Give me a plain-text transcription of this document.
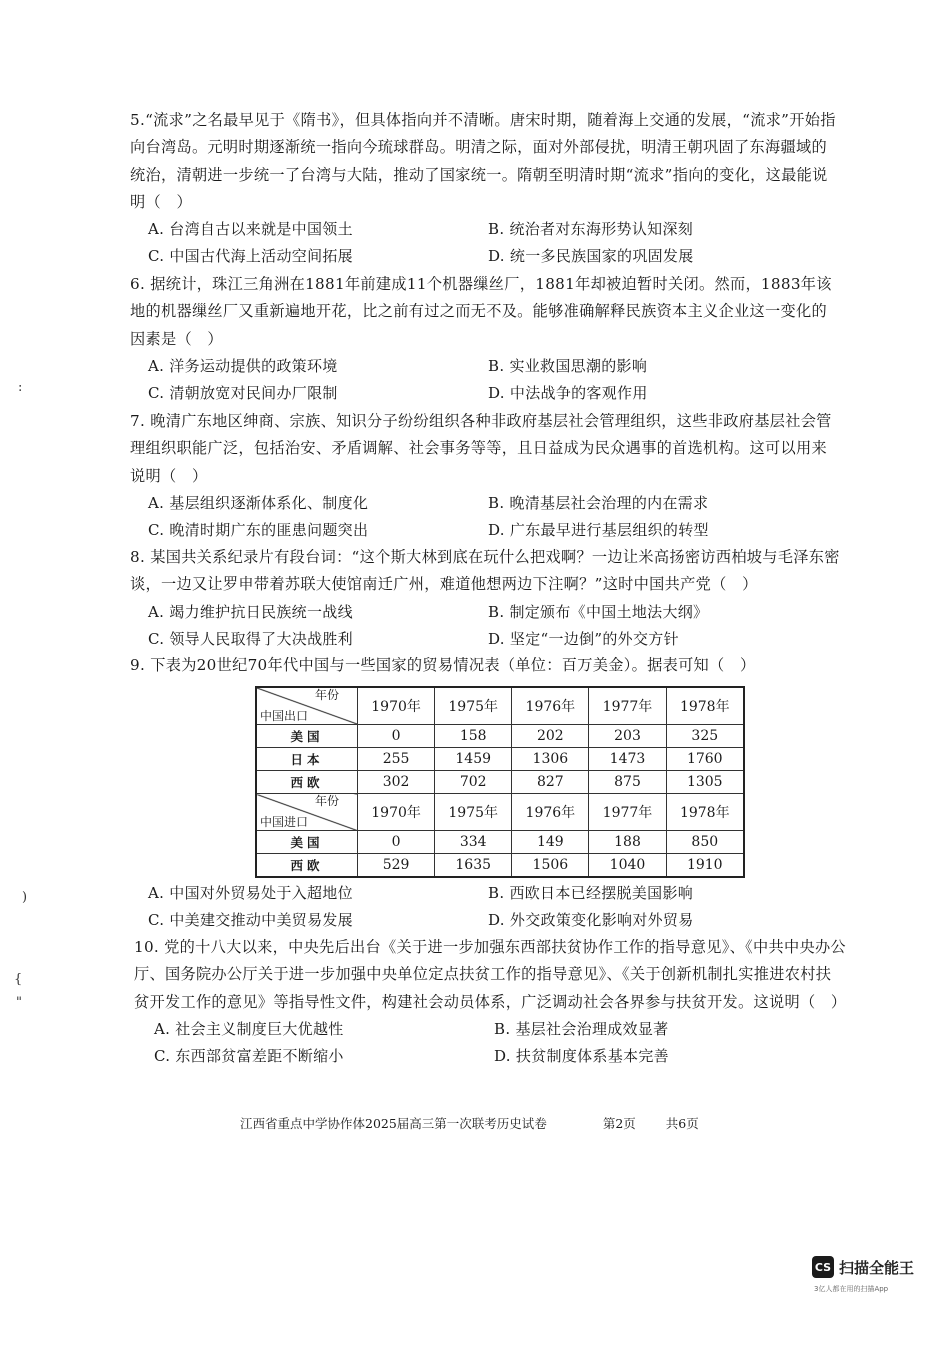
5.“流求”之名最早见于《隋书》，但具体指向并不清晰。唐宋时期，随着海上交通的发展，“流求”开始指向台湾岛。元明时期逐渐统一指向今琉球群岛。明清之际，面对外部侵扰，明清王朝巩固了东海疆域的统治，清朝进一步统一了台湾与大陆，推动了国家统一。隋朝至明清时期“流求”指向的变化，这最能说明（　）
A. 台湾自古以来就是中国领土	B. 统治者对东海形势认知深刻
C. 中国古代海上活动空间拓展	D. 统一多民族国家的巩固发展
6. 据统计，珠江三角洲在1881年前建成11个机器缫丝厂，1881年却被迫暂时关闭。然而，1883年该地的机器缫丝厂又重新遍地开花，比之前有过之而无不及。能够准确解释民族资本主义企业这一变化的因素是（　）
A. 洋务运动提供的政策环境	B. 实业救国思潮的影响
C. 清朝放宽对民间办厂限制	D. 中法战争的客观作用
7. 晚清广东地区绅商、宗族、知识分子纷纷组织各种非政府基层社会管理组织，这些非政府基层社会管理组织职能广泛，包括治安、矛盾调解、社会事务等等，且日益成为民众遇事的首选机构。这可以用来说明（　）
A. 基层组织逐渐体系化、制度化	B. 晚清基层社会治理的内在需求
C. 晚清时期广东的匪患问题突出	D. 广东最早进行基层组织的转型
8. 某国共关系纪录片有段台词：“这个斯大林到底在玩什么把戏啊？一边让米高扬密访西柏坡与毛泽东密谈，一边又让罗申带着苏联大使馆南迁广州，难道他想两边下注啊？”这时中国共产党（　）
A. 竭力维护抗日民族统一战线	B. 制定颁布《中国土地法大纲》
C. 领导人民取得了大决战胜利	D. 坚定“一边倒”的外交方针
9. 下表为20世纪70年代中国与一些国家的贸易情况表（单位：百万美金）。据表可知（　）
年份
中国出口	1970年	1975年	1976年	1977年	1978年
美国	0	158	202	203	325
日本	255	1459	1306	1473	1760
西欧	302	702	827	875	1305

年份
中国进口	1970年	1975年	1976年	1977年	1978年
美国	0	334	149	188	850
西欧	529	1635	1506	1040	1910
A. 中国对外贸易处于入超地位	B. 西欧日本已经摆脱美国影响
C. 中美建交推动中美贸易发展	D. 外交政策变化影响对外贸易
10. 党的十八大以来，中央先后出台《关于进一步加强东西部扶贫协作工作的指导意见》、《中共中央办公厅、国务院办公厅关于进一步加强中央单位定点扶贫工作的指导意见》、《关于创新机制扎实推进农村扶贫开发工作的意见》等指导性文件，构建社会动员体系，广泛调动社会各界参与扶贫开发。这说明（　）
A. 社会主义制度巨大优越性	B. 基层社会治理成效显著
C. 东西部贫富差距不断缩小	D. 扶贫制度体系基本完善
江西省重点中学协作体2025届高三第一次联考历史试卷	第2页 共6页
:
)
{
"
CS 扫描全能王
3亿人都在用的扫描App
